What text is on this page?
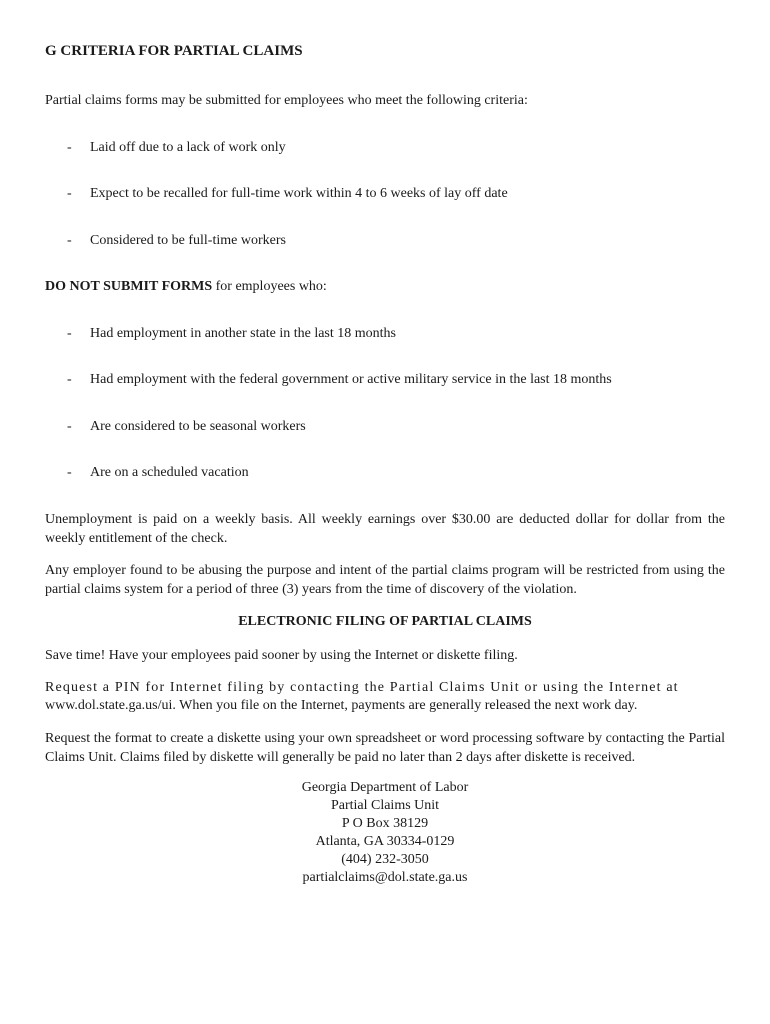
G CRITERIA FOR PARTIAL CLAIMS
Partial claims forms may be submitted for employees who meet the following criteria:
- Laid off due to a lack of work only
- Expect to be recalled for full-time work within 4 to 6 weeks of lay off date
- Considered to be full-time workers
DO NOT SUBMIT FORMS for employees who:
- Had employment in another state in the last 18 months
- Had employment with the federal government or active military service in the last 18 months
- Are considered to be seasonal workers
- Are on a scheduled vacation
Unemployment is paid on a weekly basis. All weekly earnings over $30.00 are deducted dollar for dollar from the weekly entitlement of the check.
Any employer found to be abusing the purpose and intent of the partial claims program will be restricted from using the partial claims system for a period of three (3) years from the time of discovery of the violation.
ELECTRONIC FILING OF PARTIAL CLAIMS
Save time! Have your employees paid sooner by using the Internet or diskette filing.
Request a PIN for Internet filing by contacting the Partial Claims Unit or using the Internet at
www.dol.state.ga.us/ui. When you file on the Internet, payments are generally released the next work day.
Request the format to create a diskette using your own spreadsheet or word processing software by contacting the Partial Claims Unit. Claims filed by diskette will generally be paid no later than 2 days after diskette is received.
Georgia Department of Labor
Partial Claims Unit
P O Box 38129
Atlanta, GA 30334-0129
(404) 232-3050
partialclaims@dol.state.ga.us
